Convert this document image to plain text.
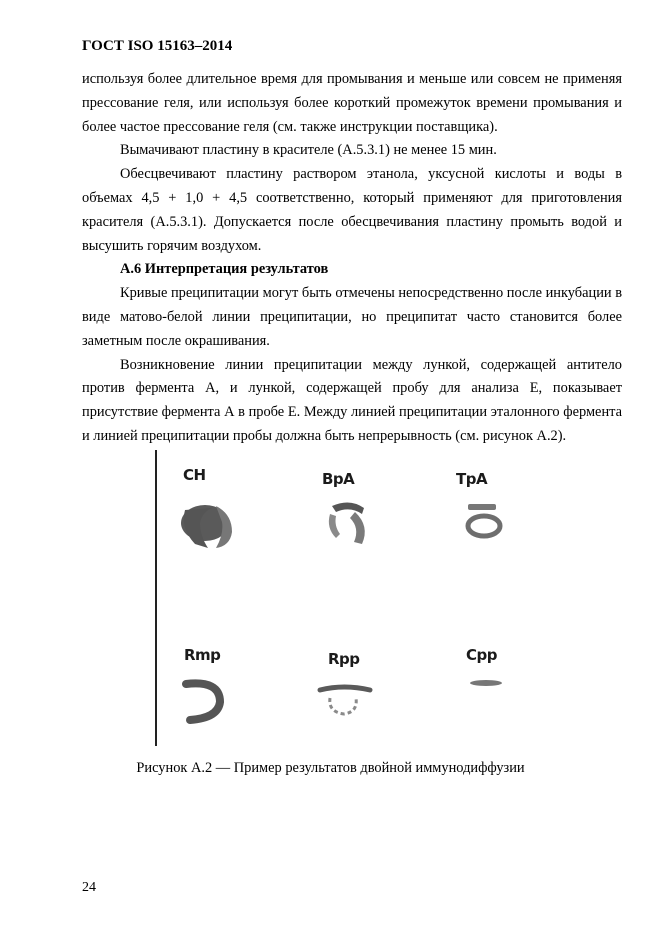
ГОСТ ISO 15163–2014

используя более длительное время для промывания и меньше или совсем не применяя прессование геля, или используя более короткий промежуток времени промывания и более частое прессование геля (см. также инструкции поставщика).

Вымачивают пластину в красителе (А.5.3.1) не менее 15 мин.

Обесцвечивают пластину раствором этанола, уксусной кислоты и воды в объемах 4,5 + 1,0 + 4,5 соответственно, который применяют для приготовления красителя (А.5.3.1). Допускается после обесцвечивания пластину промыть водой и высушить горячим воздухом.

А.6 Интерпретация результатов

Кривые преципитации могут быть отмечены непосредственно после инкубации в виде матово-белой линии преципитации, но преципитат часто становится более заметным после окрашивания.

Возникновение линии преципитации между лункой, содержащей антитело против фермента А, и лункой, содержащей пробу для анализа Е, показывает присутствие фермента А в пробе Е. Между линией преципитации эталонного фермента и линией преципитации пробы должна быть непрерывность (см. рисунок А.2).

CH	BpA	TpA
Rmp	Rpp	Cpp
Рисунок А.2 — Пример результатов двойной иммунодиффузии
24
